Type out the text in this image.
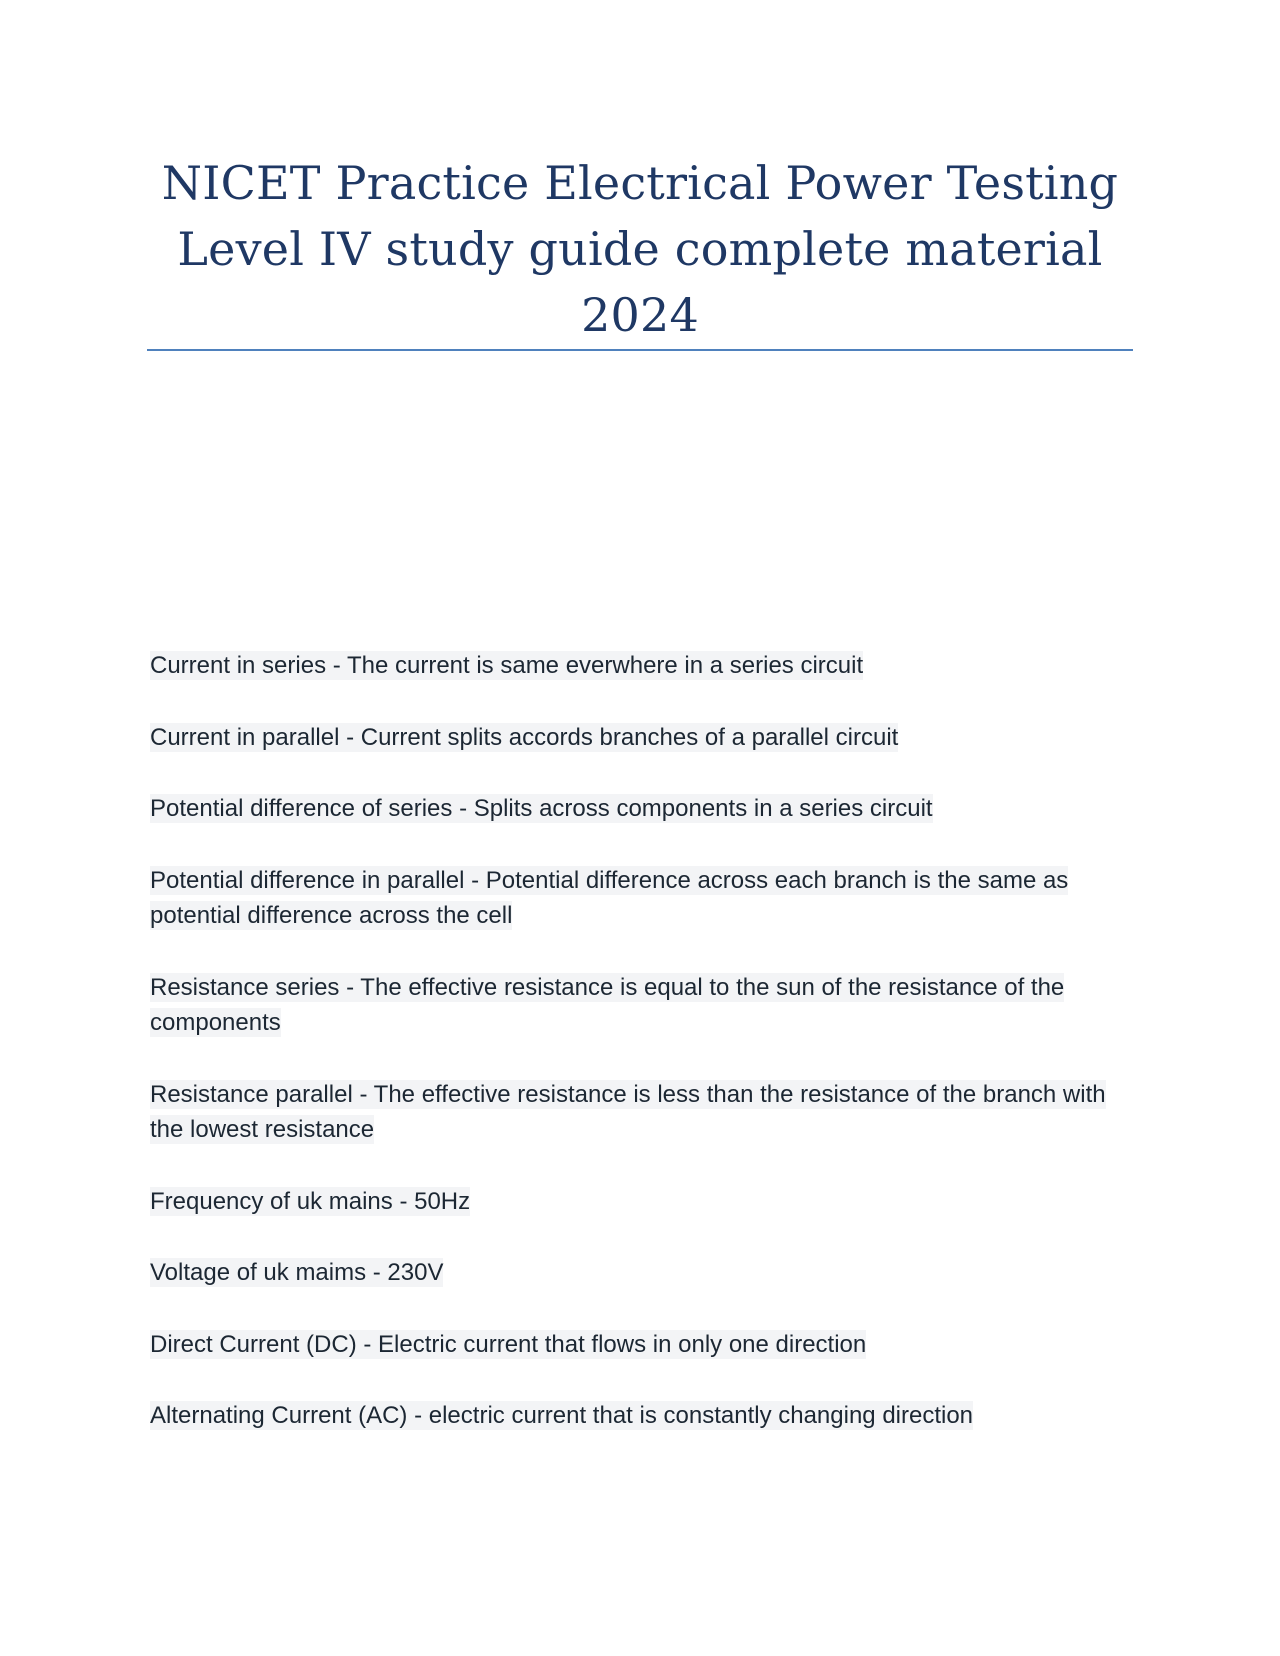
NICET Practice Electrical Power Testing Level IV study guide complete material 2024
Current in series - The current is same everwhere in a series circuit
Current in parallel - Current splits accords branches of a parallel circuit
Potential difference of series - Splits across components in a series circuit
Potential difference in parallel - Potential difference across each branch is the same as potential difference across the cell
Resistance series - The effective resistance is equal to the sun of the resistance of the components
Resistance parallel - The effective resistance is less than the resistance of the branch with the lowest resistance
Frequency of uk mains - 50Hz
Voltage of uk maims - 230V
Direct Current (DC) - Electric current that flows in only one direction
Alternating Current (AC) - electric current that is constantly changing direction
